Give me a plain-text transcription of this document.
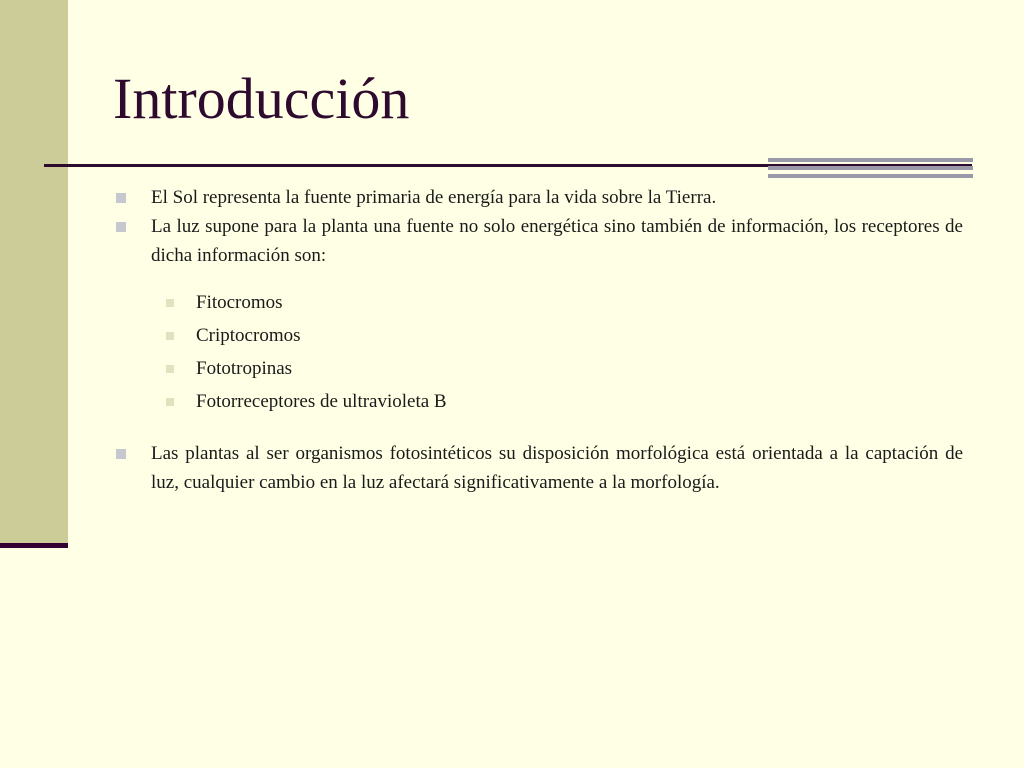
Introducción
El Sol representa la fuente primaria de energía para la vida sobre la Tierra.
La luz supone para la planta una fuente no solo energética sino también de información, los receptores de dicha información son:
Fitocromos
Criptocromos
Fototropinas
Fotorreceptores de ultravioleta B
Las plantas al ser organismos fotosintéticos su disposición morfológica está orientada a la captación de luz, cualquier cambio en la luz afectará significativamente a la morfología.
